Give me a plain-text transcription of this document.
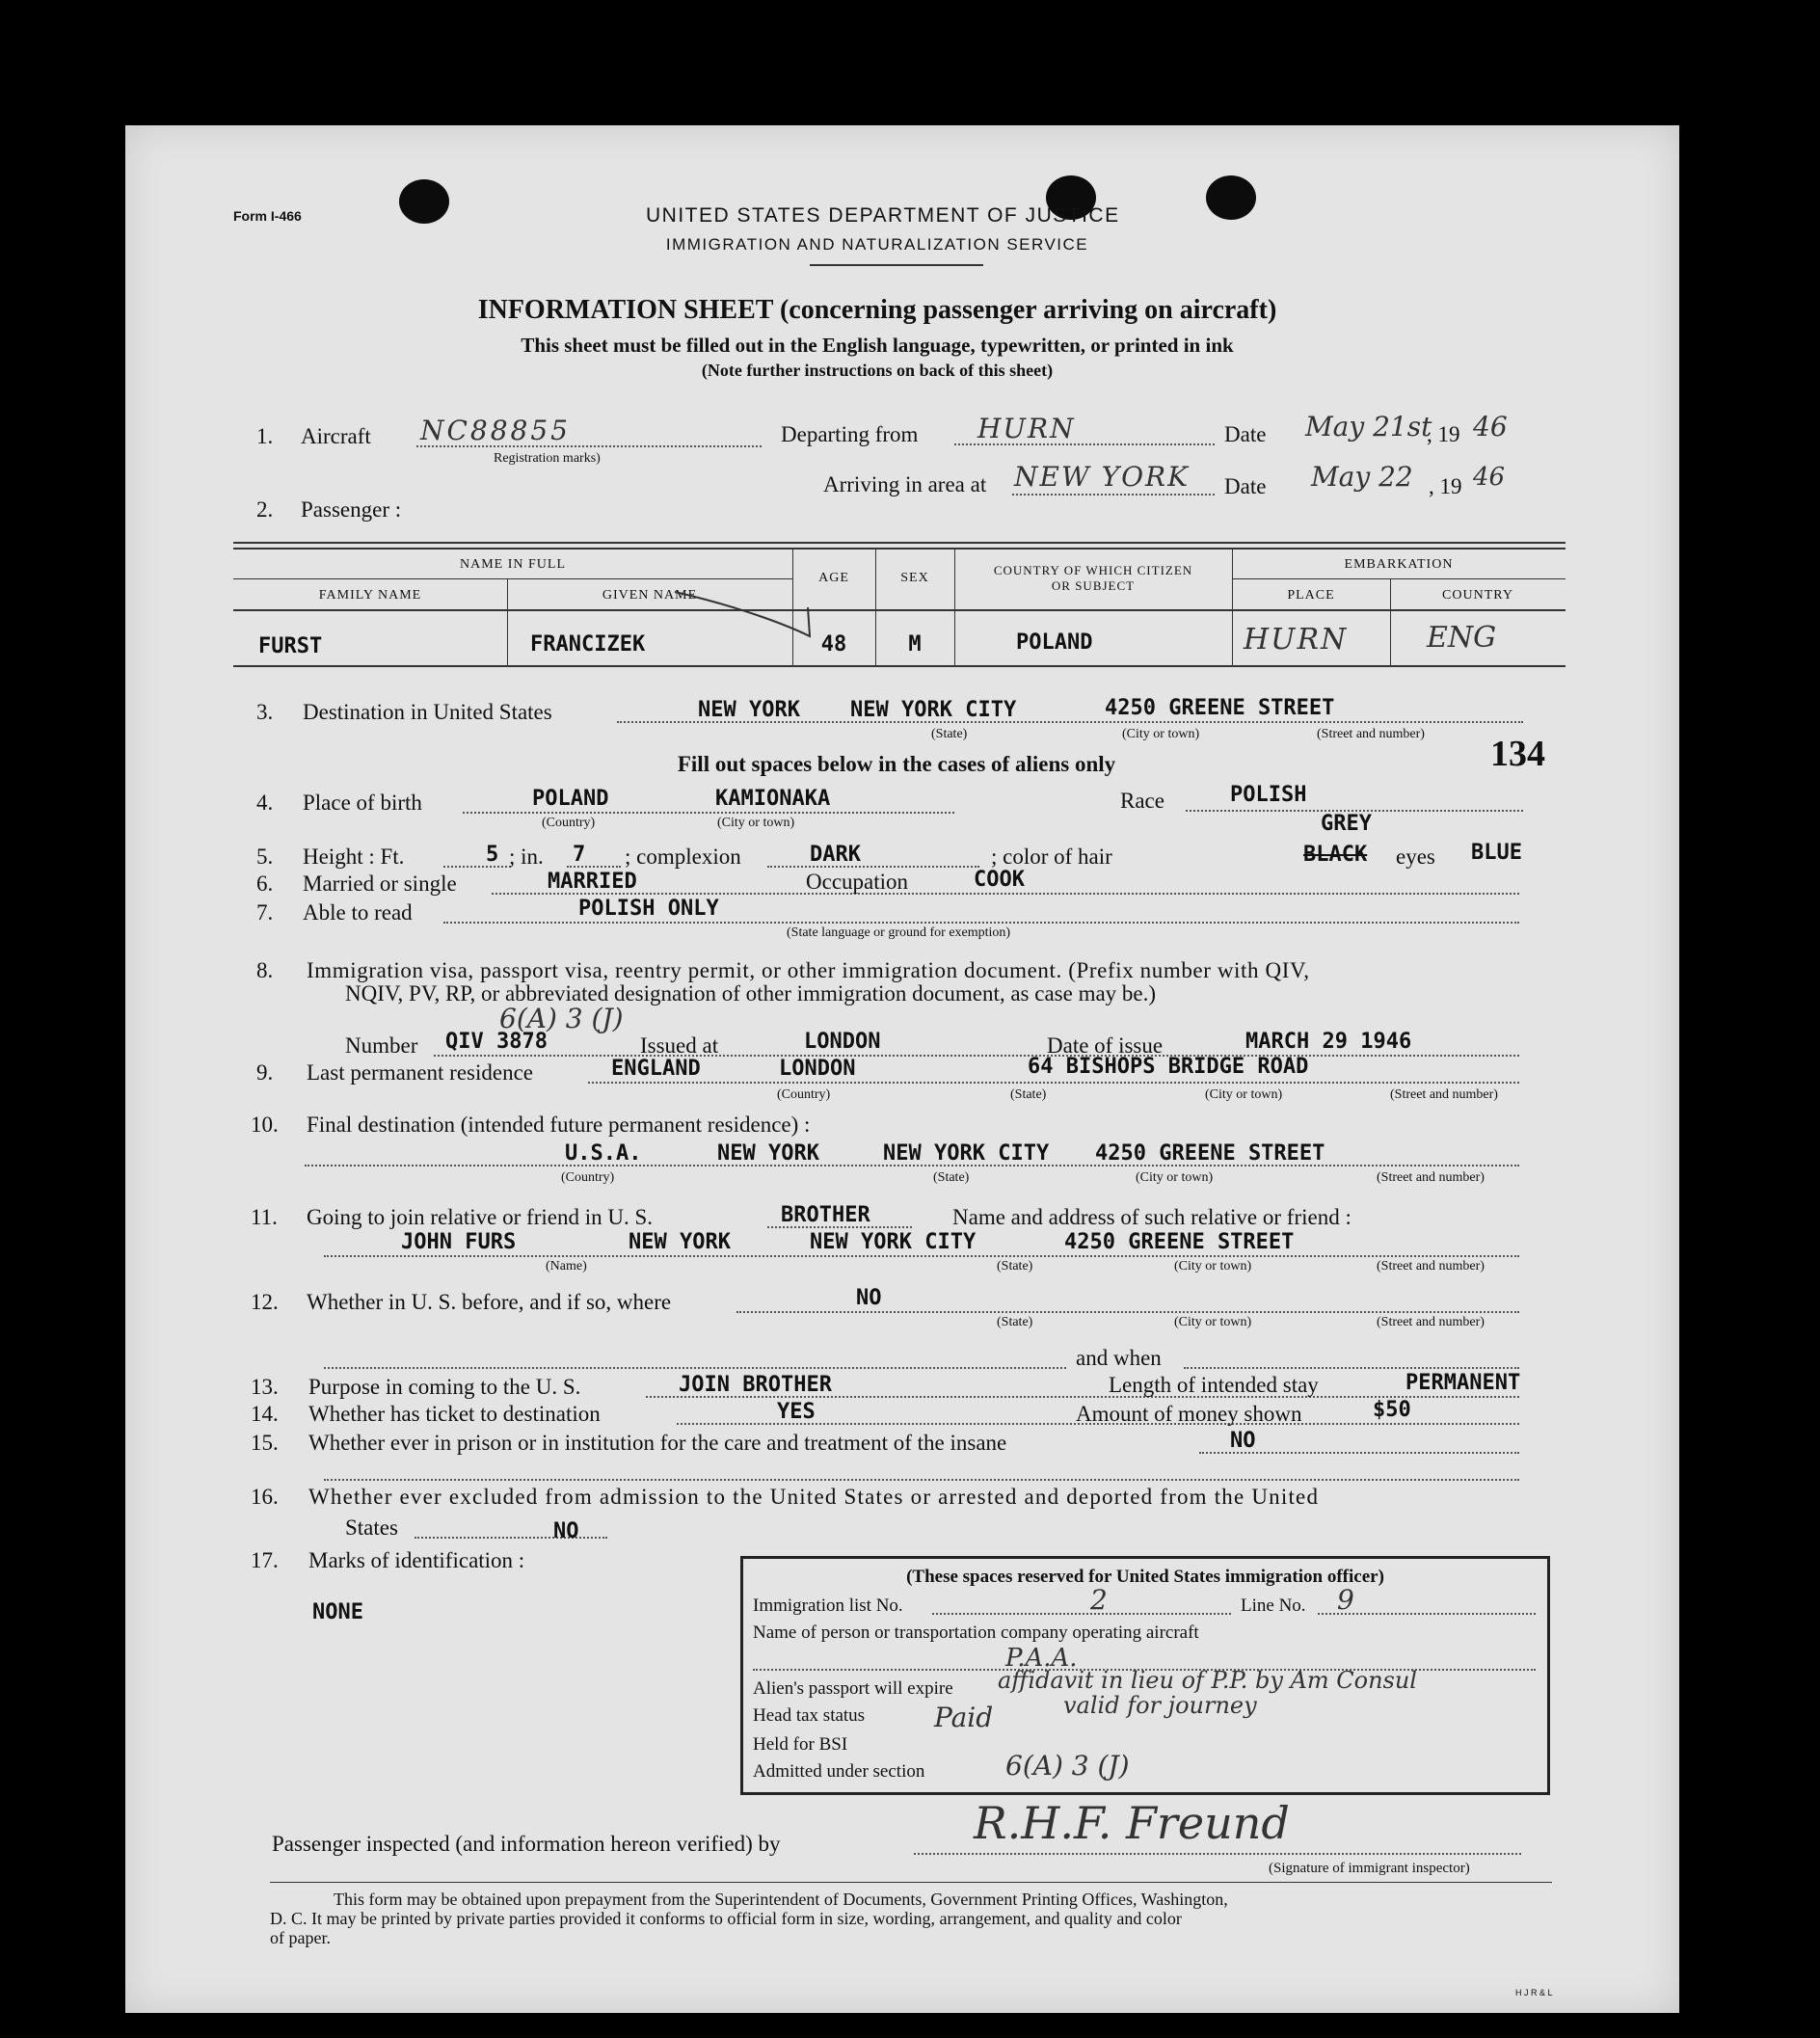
Form I-466	UNITED STATES DEPARTMENT OF JUSTICE
IMMIGRATION AND NATURALIZATION SERVICE
INFORMATION SHEET (concerning passenger arriving on aircraft)
This sheet must be filled out in the English language, typewritten, or printed in ink
(Note further instructions on back of this sheet)
1. Aircraft NC88855
Registration marks)
Departing from HURN	Date May 21st
, 19 46
Arriving in area at NEW YORK Date May 22 , 19 46
2. Passenger :
NAME IN FULL
FAMILY NAME	GIVEN NAME
AGE	SEX
COUNTRY OF WHICH CITIZEN
OR SUBJECT
EMBARKATION
PLACE	COUNTRY
FURST	FRANCIZEK	48	M	POLAND	HURN	ENG
3. Destination in United States	NEW YORK NEW YORK CITY	4250 GREENE STREET
(State)	(City or town)	(Street and number) 134
Fill out spaces below in the cases of aliens only
4. Place of birth	POLAND	KAMIONAKA
(Country)	(City or town)
Race	POLISH
5. Height : Ft.	5 ; in. 7 ; complexion	DARK	; color of hair
GREY
BLACK eyes BLUE
6. Married or single	MARRIED	Occupation	COOK
7. Able to read	POLISH ONLY
(State language or ground for exemption)
8. Immigration visa, passport visa, reentry permit, or other immigration document. (Prefix number with QIV,
NQIV, PV, RP, or abbreviated designation of other immigration document, as case may be.)
6(A) 3 (J)
Number QIV 3878	Issued at	LONDON	Date of issue	MARCH 29 1946
9. Last permanent residence	ENGLAND	LONDON	64 BISHOPS BRIDGE ROAD
(Country)	(State)	(City or town)	(Street and number)
10. Final destination (intended future permanent residence) :
U.S.A.	NEW YORK	NEW YORK CITY 4250 GREENE STREET
(Country)	(State)	(City or town)	(Street and number)
11. Going to join relative or friend in U. S.	BROTHER	Name and address of such relative or friend :
JOHN FURS	NEW YORK	NEW YORK CITY	4250 GREENE STREET
(Name)	(State)	(City or town)	(Street and number)
12. Whether in U. S. before, and if so, where	NO
(State)	(City or town)	(Street and number)
and when
13. Purpose in coming to the U. S.	JOIN BROTHER	Length of intended stay	PERMANENT
14. Whether has ticket to destination	YES	Amount of money shown	$50
15. Whether ever in prison or in institution for the care and treatment of the insane	NO
16. Whether ever excluded from admission to the United States or arrested and deported from the United
States	NO
17. Marks of identification :
NONE
(These spaces reserved for United States immigration officer)
Immigration list No.	2	Line No. 9
Name of person or transportation company operating aircraft
P.A.A.
Alien's passport will expire affidavit in lieu of P.P. by Am Consul
Head tax status	Paid	valid for journey
Held for BSI
Admitted under section	6(A) 3 (J)
Passenger inspected (and information hereon verified) by	R.H.F. Freund
(Signature of immigrant inspector)
This form may be obtained upon prepayment from the Superintendent of Documents, Government Printing Offices, Washington,
D. C. It may be printed by private parties provided it conforms to official form in size, wording, arrangement, and quality and color
of paper.
H J R & L
